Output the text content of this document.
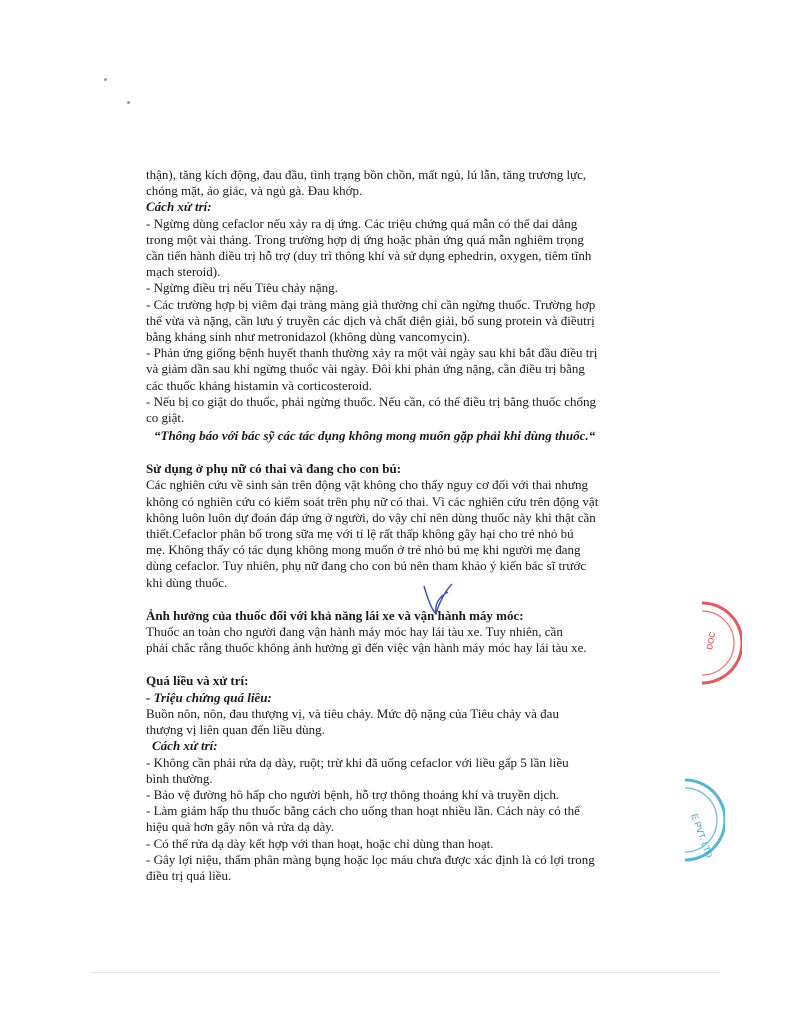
thận), tăng kích động, đau đầu, tình trạng bồn chồn, mất ngủ, lú lẫn, tăng trương lực,

chóng mặt, ảo giác, và ngủ gà. Đau khớp.

Cách xử trí:

- Ngừng dùng cefaclor nếu xảy ra dị ứng. Các triệu chứng quá mẫn có thể dai dẳng

trong một vài tháng. Trong trường hợp dị ứng hoặc phản ứng quá mẫn nghiêm trọng

cần tiến hành điều trị hỗ trợ (duy trì thông khí và sử dụng ephedrin, oxygen, tiêm tĩnh

mạch steroid).

- Ngừng điều trị nếu Tiêu chảy nặng.

- Các trường hợp bị viêm đại tràng màng giả thường chỉ cần ngừng thuốc. Trường hợp

thể vừa và nặng, cần lưu ý truyền các dịch và chất điện giải, bổ sung protein và điềutrị

bằng kháng sinh như metronidazol (không dùng vancomycin).

- Phản ứng giống bệnh huyết thanh thường xảy ra một vài ngày sau khi bắt đầu điều trị

và giảm dần sau khi ngừng thuốc vài ngày. Đôi khi phản ứng nặng, cần điều trị bằng

các thuốc kháng histamin và corticosteroid.

- Nếu bị co giật do thuốc, phải ngừng thuốc. Nếu cần, có thể điều trị bằng thuốc chống

co giật.

“Thông báo với bác sỹ các tác dụng không mong muốn gặp phải khi dùng thuốc.“

Sử dụng ở phụ nữ có thai và đang cho con bú:

Các nghiên cứu về sinh sản trên động vật không cho thấy nguy cơ đối với thai nhưng

không có nghiên cứu có kiểm soát trên phụ nữ có thai. Vì các nghiên cứu trên động vật

không luôn luôn dự đoán đáp ứng ở người, do vậy chỉ nên dùng thuốc này khi thật cần

thiết.Cefaclor phân bố trong sữa mẹ với tỉ lệ rất thấp không gây hại cho trẻ nhỏ bú

mẹ. Không thấy có tác dụng không mong muốn ở trẻ nhỏ bú mẹ khi người mẹ đang

dùng cefaclor. Tuy nhiên, phụ nữ đang cho con bú nên tham khảo ý kiến bác sĩ trước

khi dùng thuốc.

Ảnh hưởng của thuốc đối với khả năng lái xe và vận hành máy móc:

Thuốc an toàn cho người đang vận hành máy móc hay lái tàu xe. Tuy nhiên, cần

phải chắc rằng thuốc không ảnh hưởng gì đến việc vận hành máy móc hay lái tàu xe.

Quá liều và xử trí:

- Triệu chứng quá liều:

Buồn nôn, nôn, đau thượng vị, và tiêu chảy. Mức độ nặng của Tiêu chảy và đau

thượng vị liên quan đến liều dùng.

Cách xử trí:

- Không cần phải rửa dạ dày, ruột; trừ khi đã uống cefaclor với liều gấp 5 lần liều

bình thường.

- Bảo vệ đường hô hấp cho người bệnh, hỗ trợ thông thoáng khí và truyền dịch.

- Làm giảm hấp thu thuốc bằng cách cho uống than hoạt nhiều lần. Cách này có thể

hiệu quả hơn gây nôn và rửa dạ dày.

- Có thể rửa dạ dày kết hợp với than hoạt, hoặc chỉ dùng than hoạt.

- Gây lợi niệu, thẩm phân màng bụng hoặc lọc máu chưa được xác định là có lợi trong

điều trị quá liều.

DOC
E PVT. LTD
